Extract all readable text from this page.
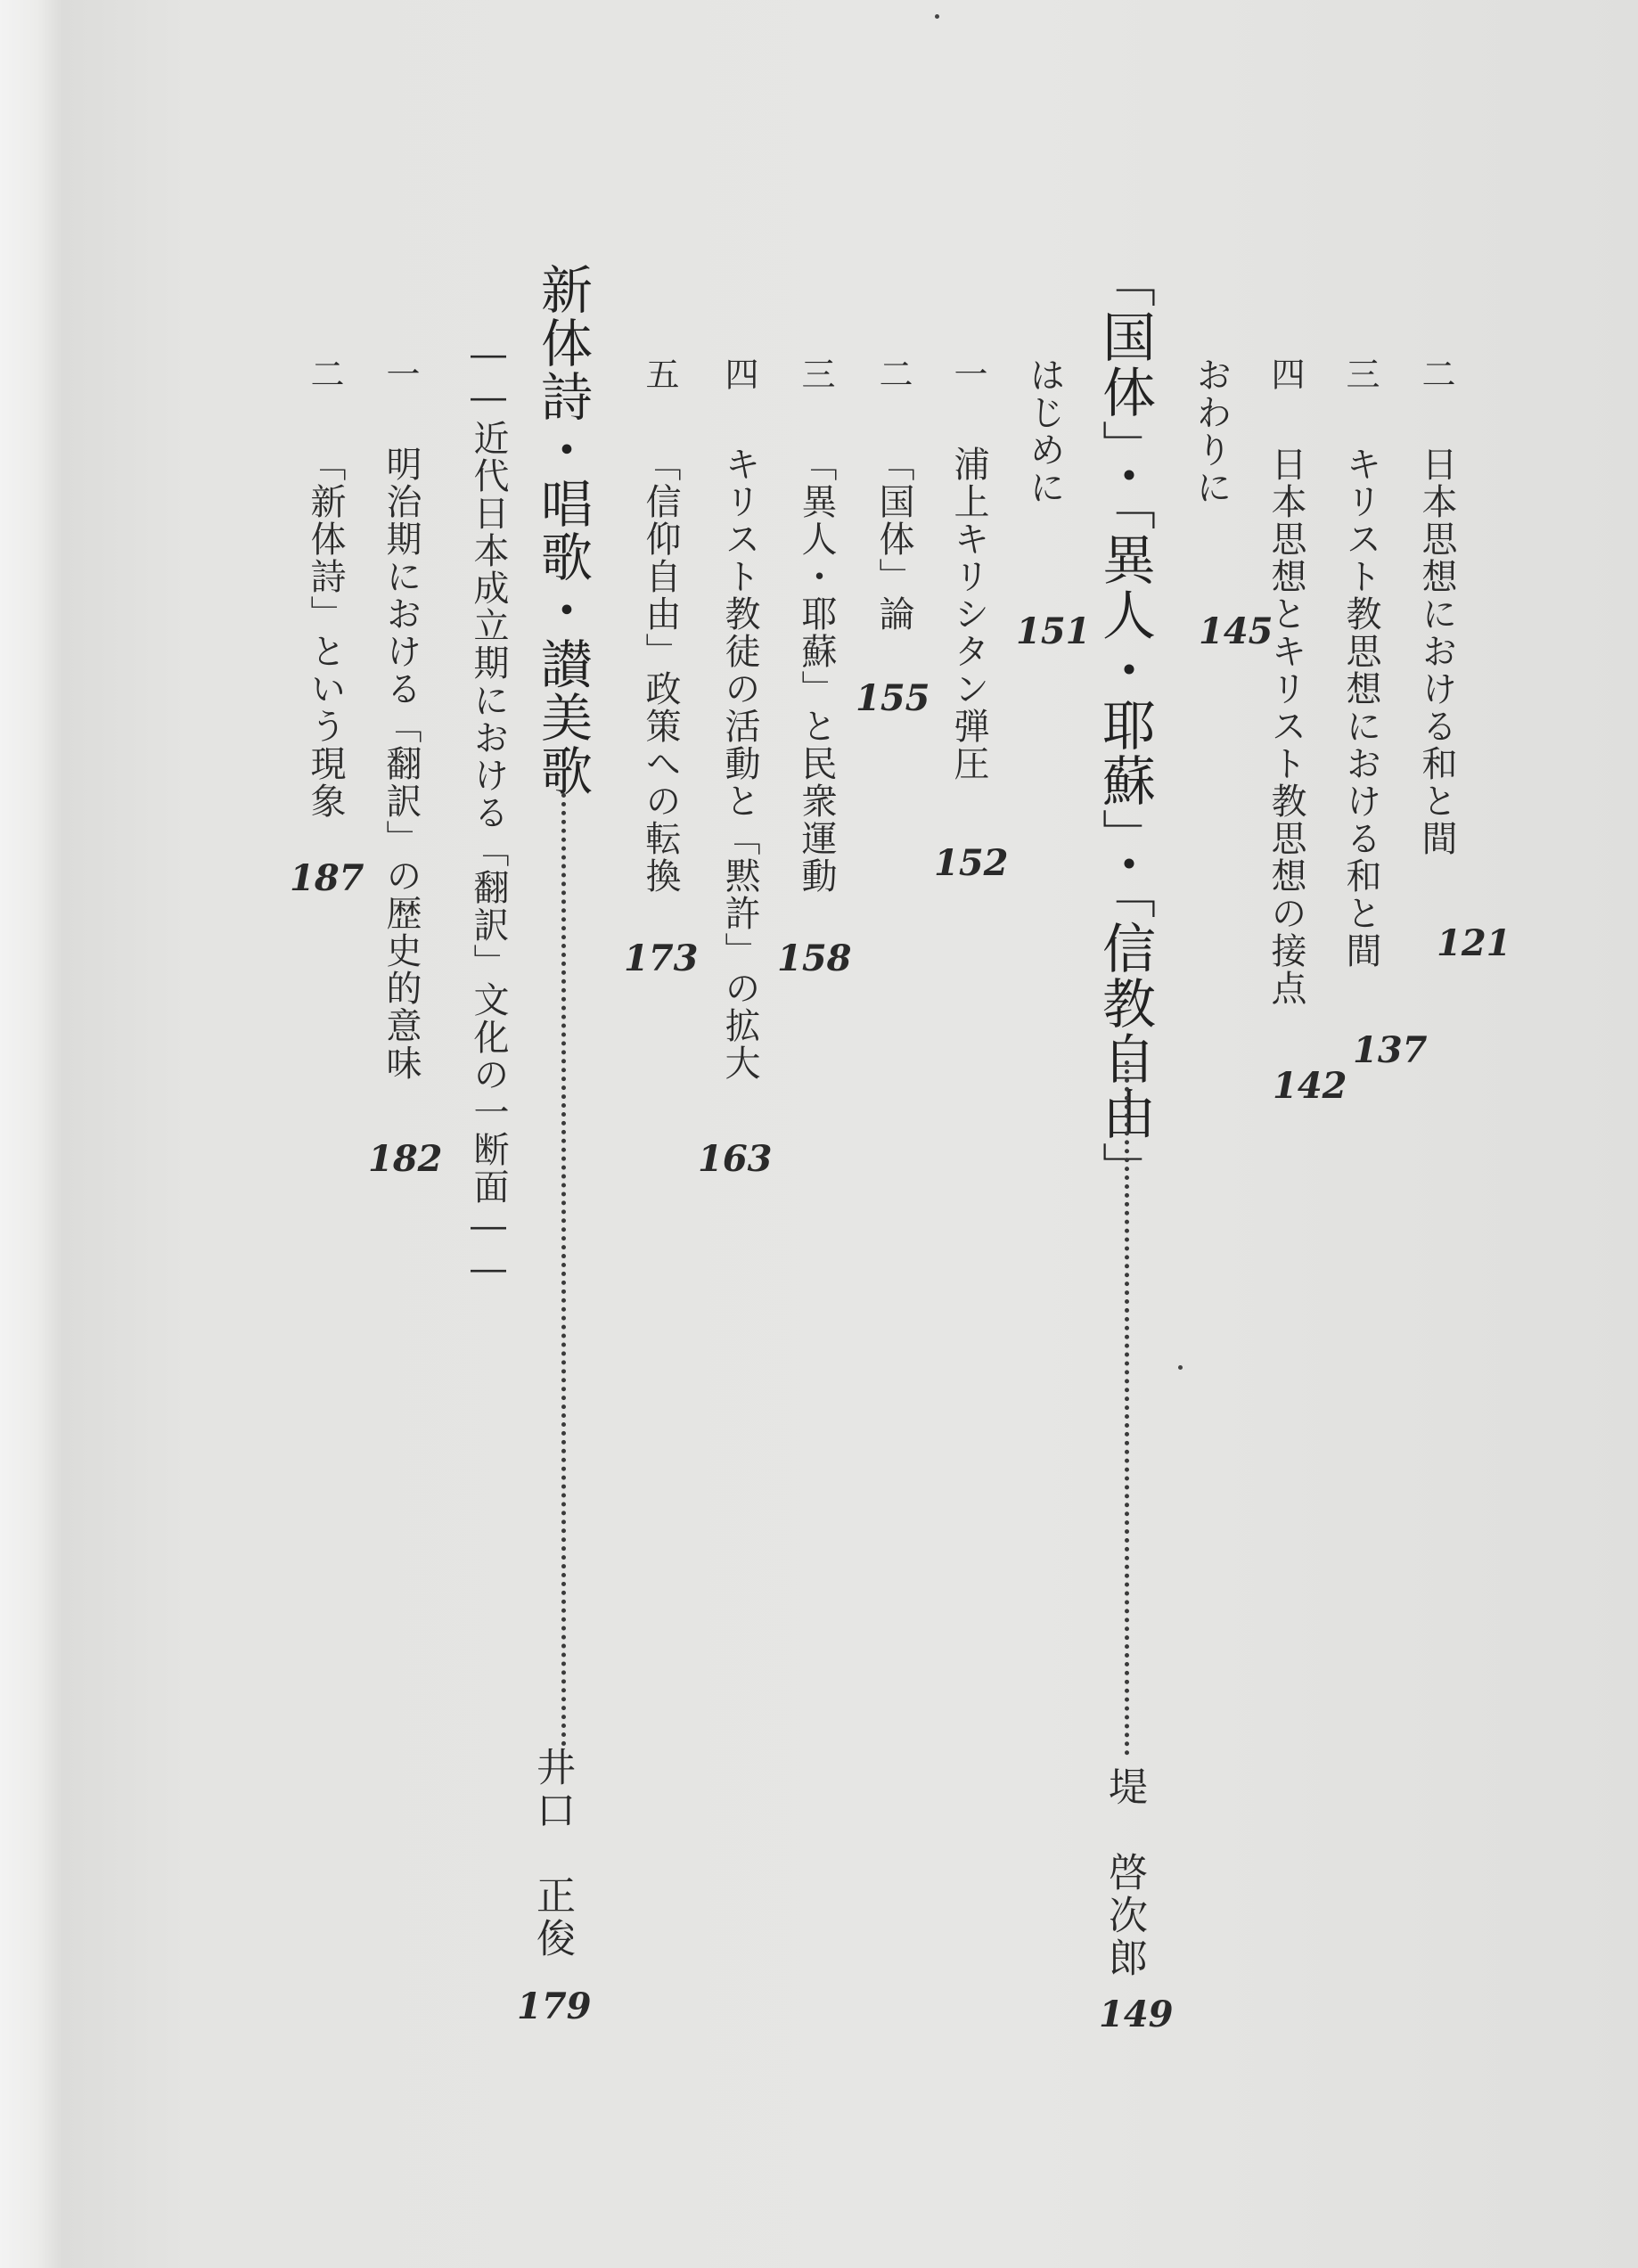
二
日本思想における和と間
121
三
キリスト教思想における和と間
137
四
日本思想とキリスト教思想の接点
142
おわりに
145
「国体」・「異人・耶蘇」・「信教自由」
堤　啓次郎
149
はじめに
151
一
浦上キリシタン弾圧
152
二
「国体」論
155
三
「異人・耶蘇」と民衆運動
158
四
キリスト教徒の活動と「黙許」の拡大
163
五
「信仰自由」政策への転換
173
新体詩・唱歌・讃美歌
――近代日本成立期における「翻訳」文化の一断面――
井口　正俊
179
一
明治期における「翻訳」の歴史的意味
182
二
「新体詩」という現象
187
